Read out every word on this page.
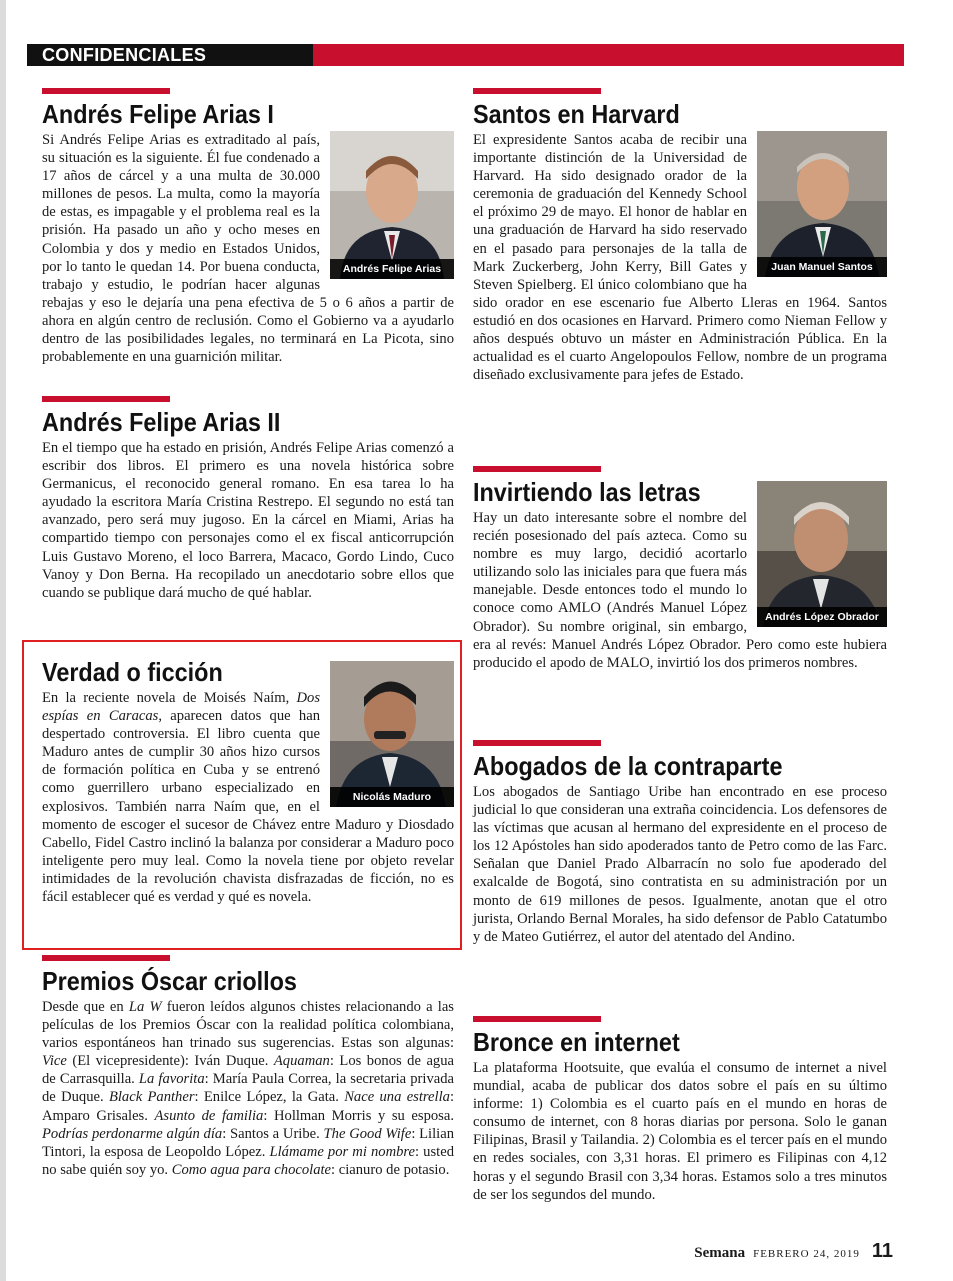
CONFIDENCIALES
Andrés Felipe Arias I
Andrés Felipe Arias

Si Andrés Felipe Arias es extraditado al país, su situación es la siguiente. Él fue condenado a 17 años de cárcel y a una multa de 30.000 millones de pesos. La multa, como la mayoría de estas, es impagable y el problema real es la prisión. Ha pasado un año y ocho meses en Colombia y dos y medio en Estados Unidos, por lo tanto le quedan 14. Por buena conducta, trabajo y estudio, le podrían hacer algunas rebajas y eso le dejaría una pena efectiva de 5 o 6 años a partir de ahora en algún centro de reclusión. Como el Gobierno va a ayudarlo dentro de las posibilidades legales, no terminará en La Picota, sino probablemente en una guarnición militar.

Andrés Felipe Arias II

En el tiempo que ha estado en prisión, Andrés Felipe Arias comenzó a escribir dos libros. El primero es una novela histórica sobre Germanicus, el reconocido general romano. En esa tarea lo ha ayudado la escritora María Cristina Restrepo. El segundo no está tan avanzado, pero será muy jugoso. En la cárcel en Miami, Arias ha compartido tiempo con personajes como el ex fiscal anticorrupción Luis Gustavo Moreno, el loco Barrera, Macaco, Gordo Lindo, Cuco Vanoy y Don Berna. Ha recopilado un anecdotario sobre ellos que cuando se publique dará mucho de qué hablar.

Verdad o ficción
Nicolás Maduro

En la reciente novela de Moisés Naím, Dos espías en Caracas, aparecen datos que han despertado controversia. El libro cuenta que Maduro antes de cumplir 30 años hizo cursos de formación política en Cuba y se entrenó como guerrillero urbano especializado en explosivos. También narra Naím que, en el momento de escoger el sucesor de Chávez entre Maduro y Diosdado Cabello, Fidel Castro inclinó la balanza por considerar a Maduro poco inteligente pero muy leal. Como la novela tiene por objeto revelar intimidades de la revolución chavista disfrazadas de ficción, no es fácil establecer qué es verdad y qué es novela.

Premios Óscar criollos

Desde que en La W fueron leídos algunos chistes relacionando a las películas de los Premios Óscar con la realidad política colombiana, varios espontáneos han trinado sus sugerencias. Estas son algunas: Vice (El vicepresidente): Iván Duque. Aquaman: Los bonos de agua de Carrasquilla. La favorita: María Paula Correa, la secretaria privada de Duque. Black Panther: Enilce López, la Gata. Nace una estrella: Amparo Grisales. Asunto de familia: Hollman Morris y su esposa. Podrías perdonarme algún día: Santos a Uribe. The Good Wife: Lilian Tintori, la esposa de Leopoldo López. Llámame por mi nombre: usted no sabe quién soy yo. Como agua para chocolate: cianuro de potasio.

Santos en Harvard
Juan Manuel Santos

El expresidente Santos acaba de recibir una importante distinción de la Universidad de Harvard. Ha sido designado orador de la ceremonia de graduación del Kennedy School el próximo 29 de mayo. El honor de hablar en una graduación de Harvard ha sido reservado en el pasado para personajes de la talla de Mark Zuckerberg, John Kerry, Bill Gates y Steven Spielberg. El único colombiano que ha sido orador en ese escenario fue Alberto Lleras en 1964. Santos estudió en dos ocasiones en Harvard. Primero como Nieman Fellow y años después obtuvo un máster en Administración Pública. En la actualidad es el cuarto Angelopoulos Fellow, nombre de un programa diseñado exclusivamente para jefes de Estado.

Invirtiendo las letras
Andrés López Obrador

Hay un dato interesante sobre el nombre del recién posesionado del país azteca. Como su nombre es muy largo, decidió acortarlo utilizando solo las iniciales para que fuera más manejable. Desde entonces todo el mundo lo conoce como AMLO (Andrés Manuel López Obrador). Su nombre original, sin embargo, era al revés: Manuel Andrés López Obrador. Pero como este hubiera producido el apodo de MALO, invirtió los dos primeros nombres.

Abogados de la contraparte

Los abogados de Santiago Uribe han encontrado en ese proceso judicial lo que consideran una extraña coincidencia. Los defensores de las víctimas que acusan al hermano del expresidente en el proceso de los 12 Apóstoles han sido apoderados tanto de Petro como de las Farc. Señalan que Daniel Prado Albarracín no solo fue apoderado del exalcalde de Bogotá, sino contratista en su administración por un monto de 619 millones de pesos. Igualmente, anotan que el otro jurista, Orlando Bernal Morales, ha sido defensor de Pablo Catatumbo y de Mateo Gutiérrez, el autor del atentado del Andino.

Bronce en internet

La plataforma Hootsuite, que evalúa el consumo de internet a nivel mundial, acaba de publicar dos datos sobre el país en su último informe: 1) Colombia es el cuarto país en el mundo en horas de consumo de internet, con 8 horas diarias por persona. Solo le ganan Filipinas, Brasil y Tailandia. 2) Colombia es el tercer país en el mundo en redes sociales, con 3,31 horas. El primero es Filipinas con 4,12 horas y el segundo Brasil con 3,34 horas. Estamos solo a tres minutos de ser los segundos del mundo.

Semana FEBRERO 24, 2019 11
